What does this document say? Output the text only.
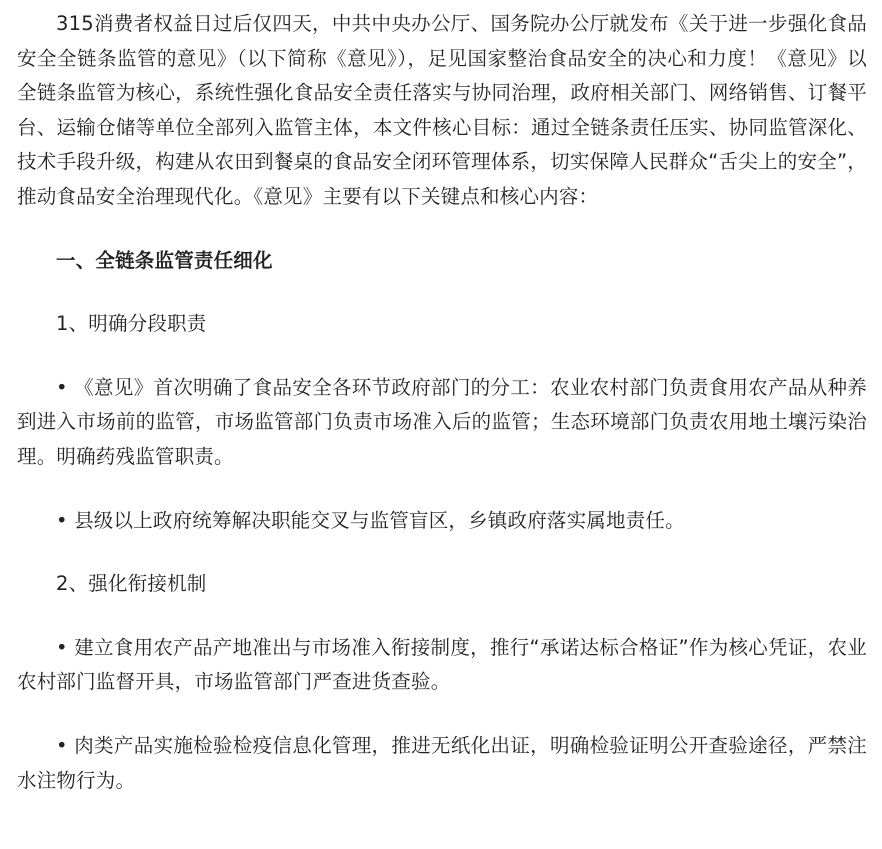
315消费者权益日过后仅四天，中共中央办公厅、国务院办公厅就发布《关于进一步强化食品安全全链条监管的意见》（以下简称《意见》），足见国家整治食品安全的决心和力度！《意见》以全链条监管为核心，系统性强化食品安全责任落实与协同治理，政府相关部门、网络销售、订餐平台、运输仓储等单位全部列入监管主体，本文件核心目标：通过全链条责任压实、协同监管深化、技术手段升级，构建从农田到餐桌的食品安全闭环管理体系，切实保障人民群众“舌尖上的安全”，推动食品安全治理现代化。《意见》主要有以下关键点和核心内容：

一、全链条监管责任细化

1、明确分段职责

• 《意见》首次明确了食品安全各环节政府部门的分工：农业农村部门负责食用农产品从种养到进入市场前的监管，市场监管部门负责市场准入后的监管；生态环境部门负责农用地土壤污染治理。明确药残监管职责。

• 县级以上政府统筹解决职能交叉与监管盲区，乡镇政府落实属地责任。

2、强化衔接机制

• 建立食用农产品产地准出与市场准入衔接制度，推行“承诺达标合格证”作为核心凭证，农业农村部门监督开具，市场监管部门严查进货查验。

• 肉类产品实施检验检疫信息化管理，推进无纸化出证，明确检验证明公开查验途径，严禁注水注物行为。
